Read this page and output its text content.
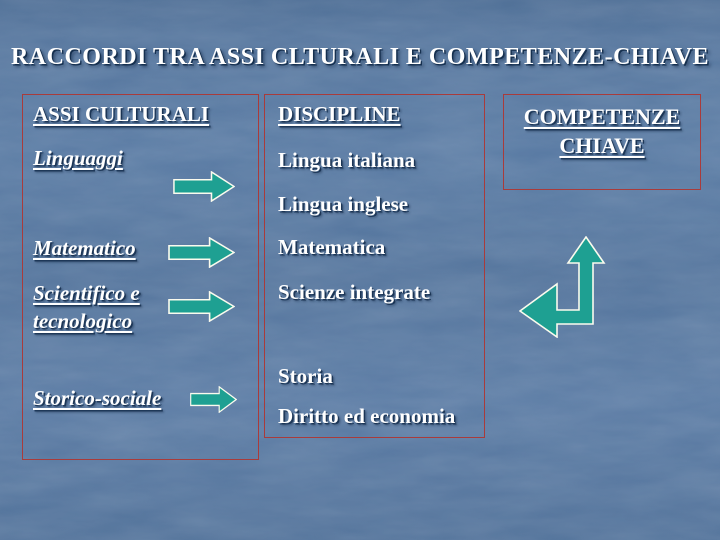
RACCORDI TRA ASSI CLTURALI E COMPETENZE-CHIAVE
ASSI CULTURALI
Linguaggi
Matematico
Scientifico e tecnologico
Storico-sociale
DISCIPLINE
Lingua italiana
Lingua inglese
Matematica
Scienze integrate
Storia
Diritto ed economia
COMPETENZE
CHIAVE
